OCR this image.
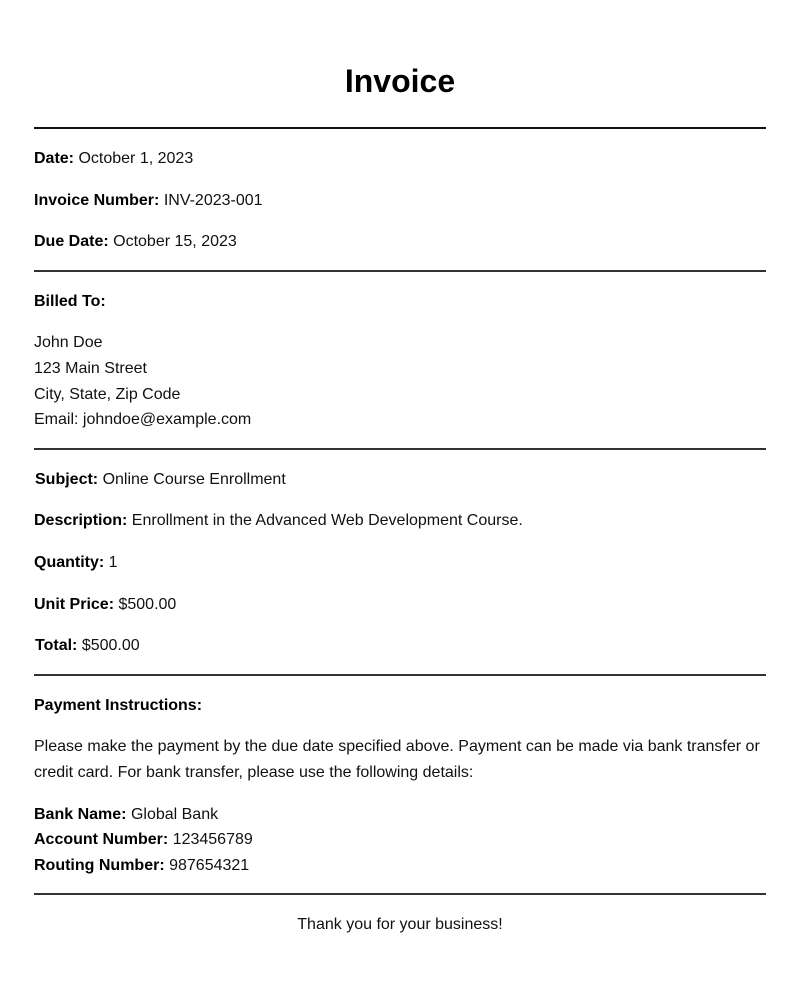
Invoice
Date: October 1, 2023
Invoice Number: INV-2023-001
Due Date: October 15, 2023
Billed To:
John Doe
123 Main Street
City, State, Zip Code
Email: johndoe@example.com
Subject: Online Course Enrollment
Description: Enrollment in the Advanced Web Development Course.
Quantity: 1
Unit Price: $500.00
Total: $500.00
Payment Instructions:
Please make the payment by the due date specified above. Payment can be made via bank transfer or credit card. For bank transfer, please use the following details:
Bank Name: Global Bank
Account Number: 123456789
Routing Number: 987654321
Thank you for your business!
